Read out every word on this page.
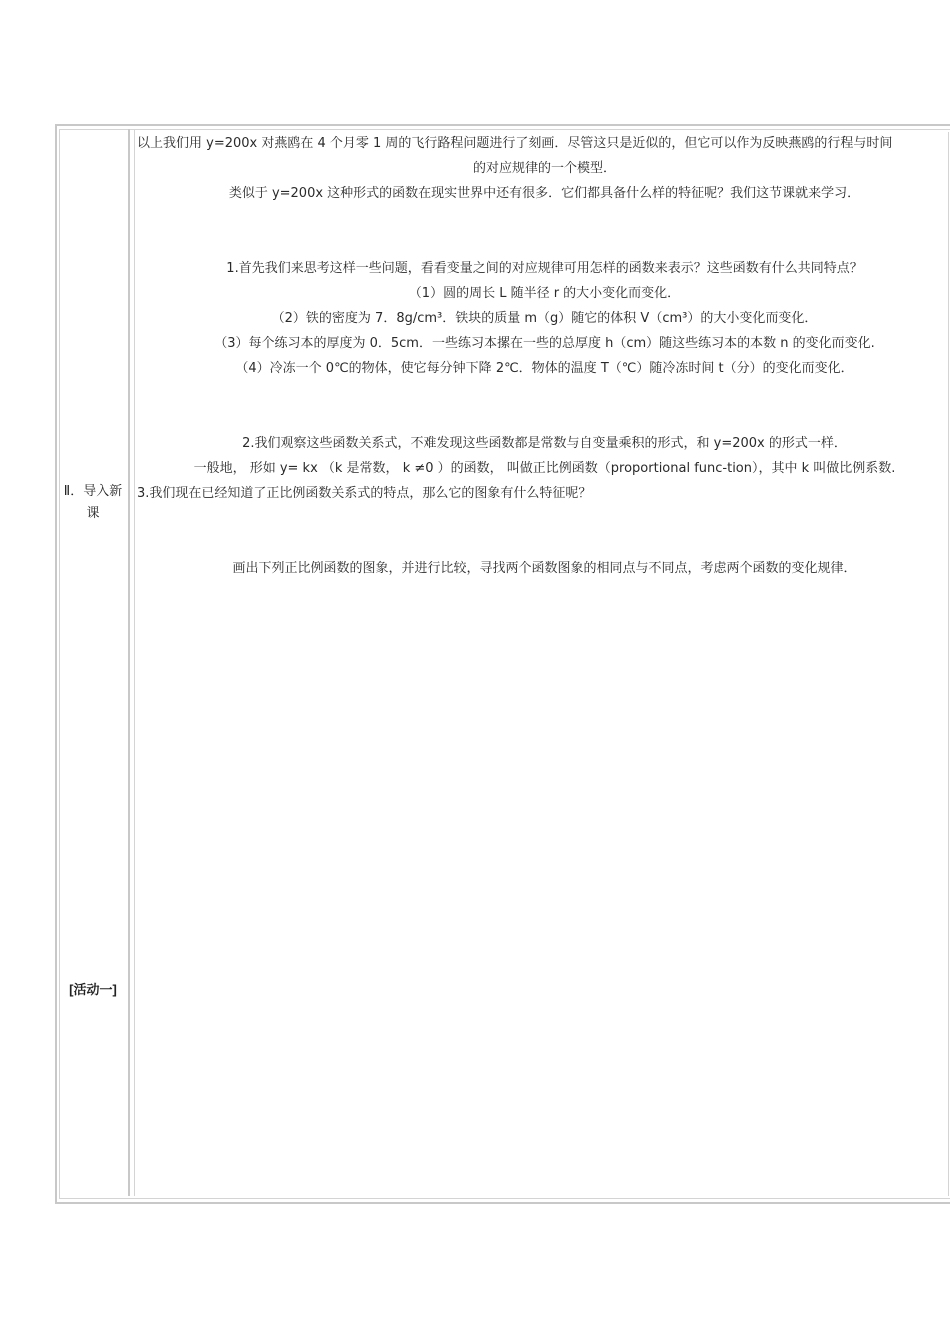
Ⅱ．导入新课
[活动一]
以上我们用 y=200x 对燕鸥在 4 个月零 1 周的飞行路程问题进行了刻画．尽管这只是近似的，但它可以作为反映燕鸥的行程与时间
的对应规律的一个模型．
类似于 y=200x 这种形式的函数在现实世界中还有很多．它们都具备什么样的特征呢？我们这节课就来学习．
1.首先我们来思考这样一些问题，看看变量之间的对应规律可用怎样的函数来表示？这些函数有什么共同特点？
（1）圆的周长 L 随半径 r 的大小变化而变化．
（2）铁的密度为 7．8g/cm³．铁块的质量 m（g）随它的体积 V（cm³）的大小变化而变化．
（3）每个练习本的厚度为 0．5cm．一些练习本摞在一些的总厚度 h（cm）随这些练习本的本数 n 的变化而变化.
（4）冷冻一个 0℃的物体，使它每分钟下降 2℃．物体的温度 T（℃）随冷冻时间 t（分）的变化而变化．
2.我们观察这些函数关系式，不难发现这些函数都是常数与自变量乘积的形式，和 y=200x 的形式一样．
一般地， 形如 y= kx （k 是常数， k ≠0 ）的函数， 叫做正比例函数（proportional func-tion），其中 k 叫做比例系数.
3.我们现在已经知道了正比例函数关系式的特点，那么它的图象有什么特征呢？
画出下列正比例函数的图象，并进行比较，寻找两个函数图象的相同点与不同点，考虑两个函数的变化规律．
